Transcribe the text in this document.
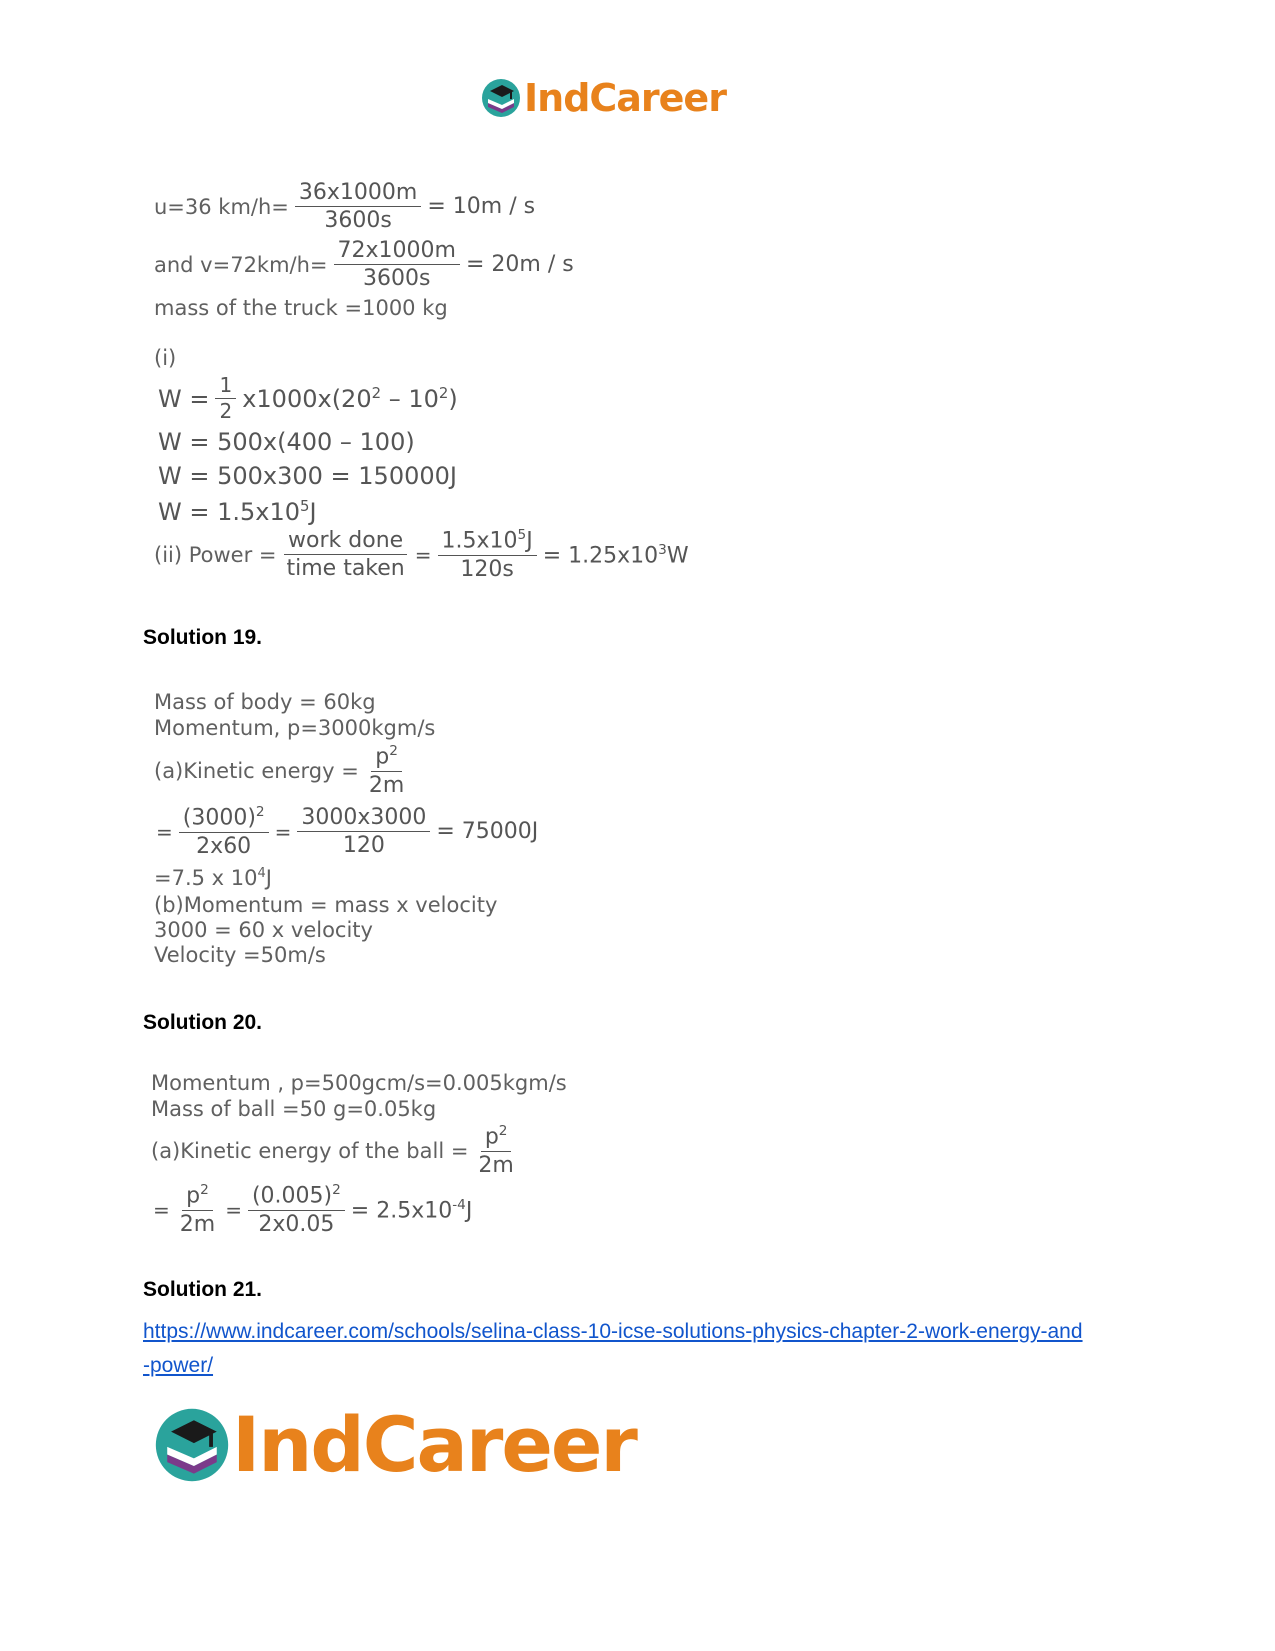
IndCareer
u=36 $km/h= \frac{36x1000m}{3600s} = 10m / s$
and $v=72km/h= \frac{72x1000m}{3600s} = 20m / s$
mass of the truck =1000 kg
(i)
$W = \frac{1}{2} x1000x(20^2 - 10^2)$
W = 500x(400 – 100)
W = 500x300 = 150000J
$W = 1.5x10^5J$
(ii) Power = $\frac{\text{work done}}{\text{time taken}} = \frac{1.5x10^5J}{120s} = 1.25x10^3W$
Solution 19.
Mass of body = 60kg
Momentum, p=3000kgm/s
(a)Kinetic energy = $\frac{p^2}{2m}$
= $\frac{(3000)^2}{2x60} = \frac{3000x3000}{120} = 75000J$
=7.5 x $10^4J$
(b)Momentum = mass x velocity
3000 = 60 x velocity
Velocity =50m/s
Solution 20.
Momentum , p=500gcm/s=0.005kgm/s
Mass of ball =50 g=0.05kg
(a)Kinetic energy of the ball = $\frac{p^2}{2m}$
= $\frac{p^2}{2m} = \frac{(0.005)^2}{2x0.05} = 2.5x10^{-4}J$
Solution 21.
https://www.indcareer.com/schools/selina-class-10-icse-solutions-physics-chapter-2-work-energy-and-power/
IndCareer
